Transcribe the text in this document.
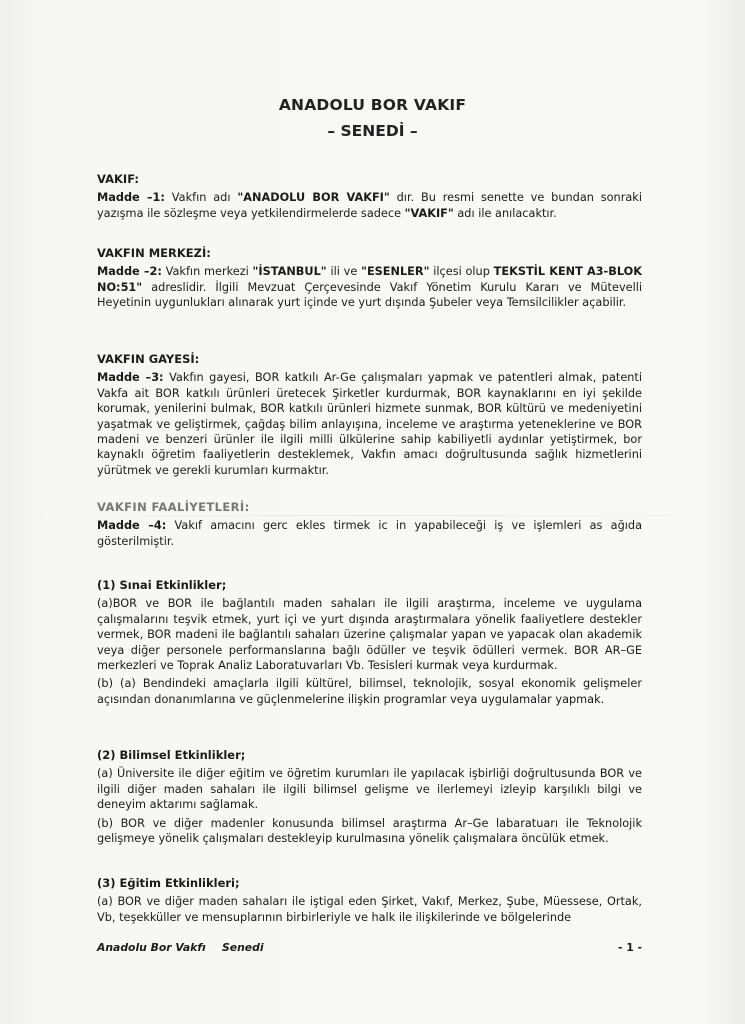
ANADOLU BOR VAKIF
– SENEDİ –

VAKIF:

Madde –1: Vakfın adı "ANADOLU BOR VAKFI" dır. Bu resmi senette ve bundan sonraki yazışma ile sözleşme veya yetkilendirmelerde sadece "VAKIF" adı ile anılacaktır.

VAKFIN MERKEZİ:

Madde –2: Vakfın merkezi "İSTANBUL" ili ve "ESENLER" ilçesi olup TEKSTİL KENT A3-BLOK NO:51" adreslidir. İlgili Mevzuat Çerçevesinde Vakıf Yönetim Kurulu Kararı ve Mütevelli Heyetinin uygunlukları alınarak yurt içinde ve yurt dışında Şubeler veya Temsilcilikler açabilir.

VAKFIN GAYESİ:

Madde –3: Vakfın gayesi, BOR katkılı Ar-Ge çalışmaları yapmak ve patentleri almak, patenti Vakfa ait BOR katkılı ürünleri üretecek Şirketler kurdurmak, BOR kaynaklarını en iyi şekilde korumak, yenilerini bulmak, BOR katkılı ürünleri hizmete sunmak, BOR kültürü ve medeniyetini yaşatmak ve geliştirmek, çağdaş bilim anlayışına, inceleme ve araştırma yeteneklerine ve BOR madeni ve benzeri ürünler ile ilgili milli ülkülerine sahip kabiliyetli aydınlar yetiştirmek, bor kaynaklı öğretim faaliyetlerin desteklemek, Vakfın amacı doğrultusunda sağlık hizmetlerini yürütmek ve gerekli kurumları kurmaktır.

VAKFIN FAALİYETLERİ:

Madde –4: Vakıf amacını gerc ekles tirmek ic in yapabileceği iş ve işlemleri as ağıda gösterilmiştir.

(1) Sınai Etkinlikler;

(a)BOR ve BOR ile bağlantılı maden sahaları ile ilgili araştırma, inceleme ve uygulama çalışmalarını teşvik etmek, yurt içi ve yurt dışında araştırmalara yönelik faaliyetlere destekler vermek, BOR madeni ile bağlantılı sahaları üzerine çalışmalar yapan ve yapacak olan akademik veya diğer personele performanslarına bağlı ödüller ve teşvik ödülleri vermek. BOR AR–GE merkezleri ve Toprak Analiz Laboratuvarları Vb. Tesisleri kurmak veya kurdurmak.

(b) (a) Bendindeki amaçlarla ilgili kültürel, bilimsel, teknolojik, sosyal ekonomik gelişmeler açısından donanımlarına ve güçlenmelerine ilişkin programlar veya uygulamalar yapmak.

(2) Bilimsel Etkinlikler;

(a) Üniversite ile diğer eğitim ve öğretim kurumları ile yapılacak işbirliği doğrultusunda BOR ve ilgili diğer maden sahaları ile ilgili bilimsel gelişme ve ilerlemeyi izleyip karşılıklı bilgi ve deneyim aktarımı sağlamak.

(b) BOR ve diğer madenler konusunda bilimsel araştırma Ar–Ge labaratuarı ile Teknolojik gelişmeye yönelik çalışmaları destekleyip kurulmasına yönelik çalışmalara öncülük etmek.

(3) Eğitim Etkinlikleri;

(a) BOR ve diğer maden sahaları ile iştigal eden Şirket, Vakıf, Merkez, Şube, Müessese, Ortak, Vb, teşekküller ve mensuplarının birbirleriyle ve halk ile ilişkilerinde ve bölgelerinde

Anadolu Bor Vakfı Senedi	- 1 -
